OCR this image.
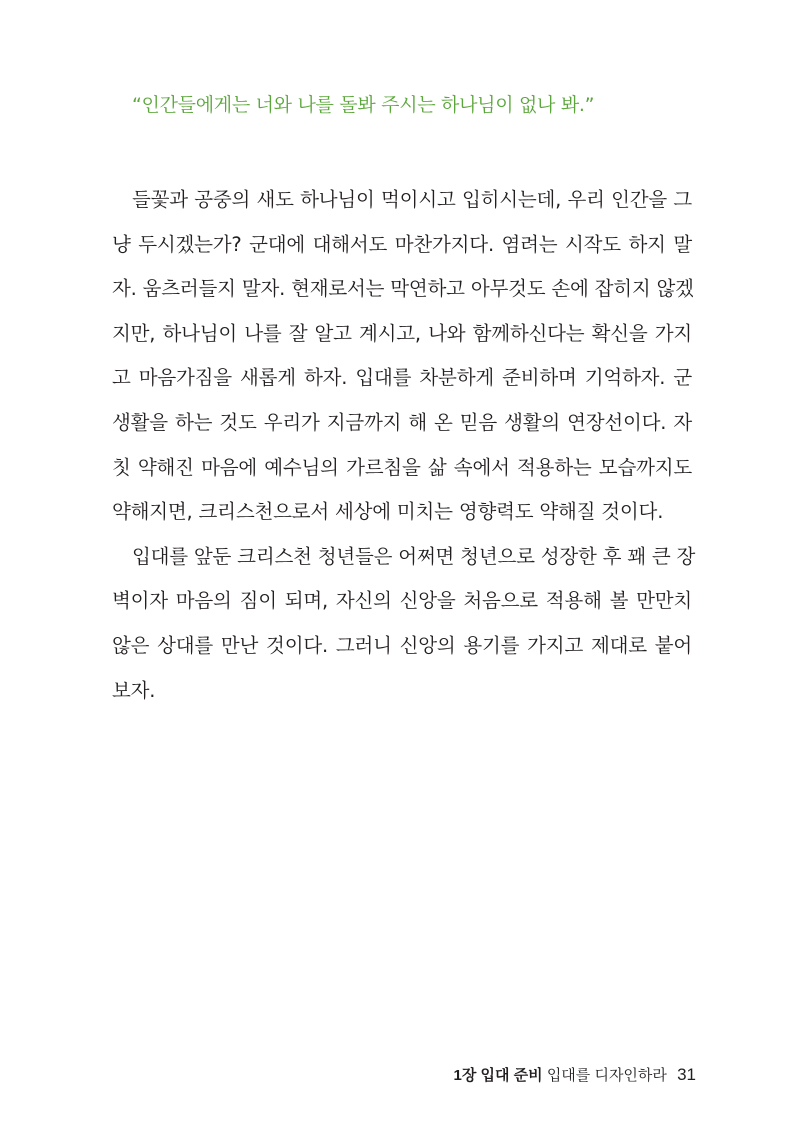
“인간들에게는 너와 나를 돌봐 주시는 하나님이 없나 봐.”
들꽃과 공중의 새도 하나님이 먹이시고 입히시는데, 우리 인간을 그
냥 두시겠는가? 군대에 대해서도 마찬가지다. 염려는 시작도 하지 말
자. 움츠러들지 말자. 현재로서는 막연하고 아무것도 손에 잡히지 않겠
지만, 하나님이 나를 잘 알고 계시고, 나와 함께하신다는 확신을 가지
고 마음가짐을 새롭게 하자. 입대를 차분하게 준비하며 기억하자. 군
생활을 하는 것도 우리가 지금까지 해 온 믿음 생활의 연장선이다. 자
칫 약해진 마음에 예수님의 가르침을 삶 속에서 적용하는 모습까지도
약해지면, 크리스천으로서 세상에 미치는 영향력도 약해질 것이다.
입대를 앞둔 크리스천 청년들은 어쩌면 청년으로 성장한 후 꽤 큰 장
벽이자 마음의 짐이 되며, 자신의 신앙을 처음으로 적용해 볼 만만치
않은 상대를 만난 것이다. 그러니 신앙의 용기를 가지고 제대로 붙어
보자.
1장 입대 준비 입대를 디자인하라 31
